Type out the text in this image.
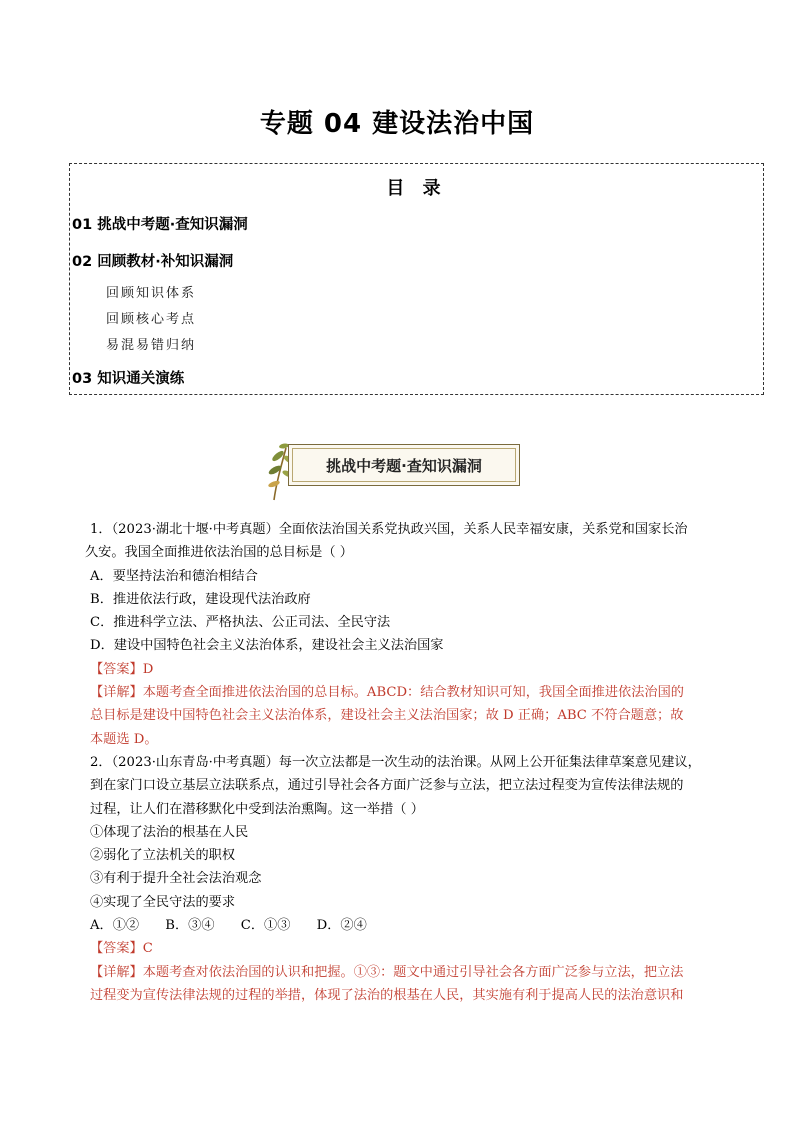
专题 04 建设法治中国
目 录
01 挑战中考题·查知识漏洞
02 回顾教材·补知识漏洞
回顾知识体系
回顾核心考点
易混易错归纳
03 知识通关演练
挑战中考题·查知识漏洞

1．（2023·湖北十堰·中考真题）全面依法治国关系党执政兴国，关系人民幸福安康，关系党和国家长治

久安。我国全面推进依法治国的总目标是（ ）

A．要坚持法治和德治相结合

B．推进依法行政，建设现代法治政府

C．推进科学立法、严格执法、公正司法、全民守法

D．建设中国特色社会主义法治体系，建设社会主义法治国家

【答案】D

【详解】本题考查全面推进依法治国的总目标。ABCD：结合教材知识可知，我国全面推进依法治国的

总目标是建设中国特色社会主义法治体系，建设社会主义法治国家；故 D 正确；ABC 不符合题意；故

本题选 D。

2．（2023·山东青岛·中考真题）每一次立法都是一次生动的法治课。从网上公开征集法律草案意见建议，

到在家门口设立基层立法联系点，通过引导社会各方面广泛参与立法，把立法过程变为宣传法律法规的

过程，让人们在潜移默化中受到法治熏陶。这一举措（ ）

①体现了法治的根基在人民

②弱化了立法机关的职权

③有利于提升全社会法治观念

④实现了全民守法的要求

A．①② B．③④ C．①③ D．②④

【答案】C

【详解】本题考查对依法治国的认识和把握。①③：题文中通过引导社会各方面广泛参与立法，把立法

过程变为宣传法律法规的过程的举措，体现了法治的根基在人民，其实施有利于提高人民的法治意识和
